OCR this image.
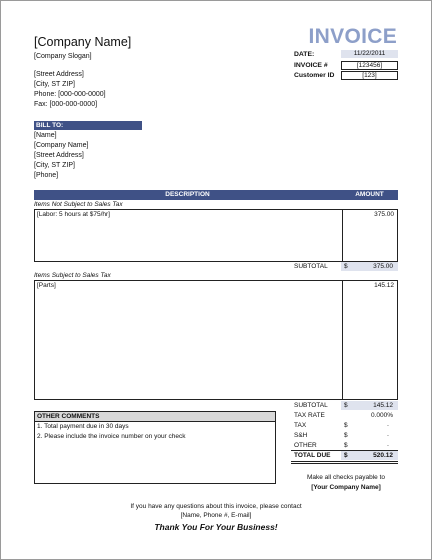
[Company Name]
[Company Slogan]
[Street Address]
[City, ST ZIP]
Phone: [000-000-0000]
Fax: [000-000-0000]
INVOICE
DATE:	11/22/2011
INVOICE #	[123456]
Customer ID	[123]
BILL TO:
[Name]
[Company Name]
[Street Address]
[City, ST ZIP]
[Phone]
DESCRIPTION	AMOUNT
Items Not Subject to Sales Tax
[Labor: 5 hours at $75/hr]	375.00
SUBTOTAL	$	375.00
Items Subject to Sales Tax
[Parts]	145.12
OTHER COMMENTS
1. Total payment due in 30 days
2. Please include the invoice number on your check
SUBTOTAL	$	145.12
TAX RATE	0.000%
TAX	$	-
S&H	$	-
OTHER	$	-
TOTAL DUE $	520.12
Make all checks payable to
[Your Company Name]
If you have any questions about this invoice, please contact
[Name, Phone #, E-mail]
Thank You For Your Business!
